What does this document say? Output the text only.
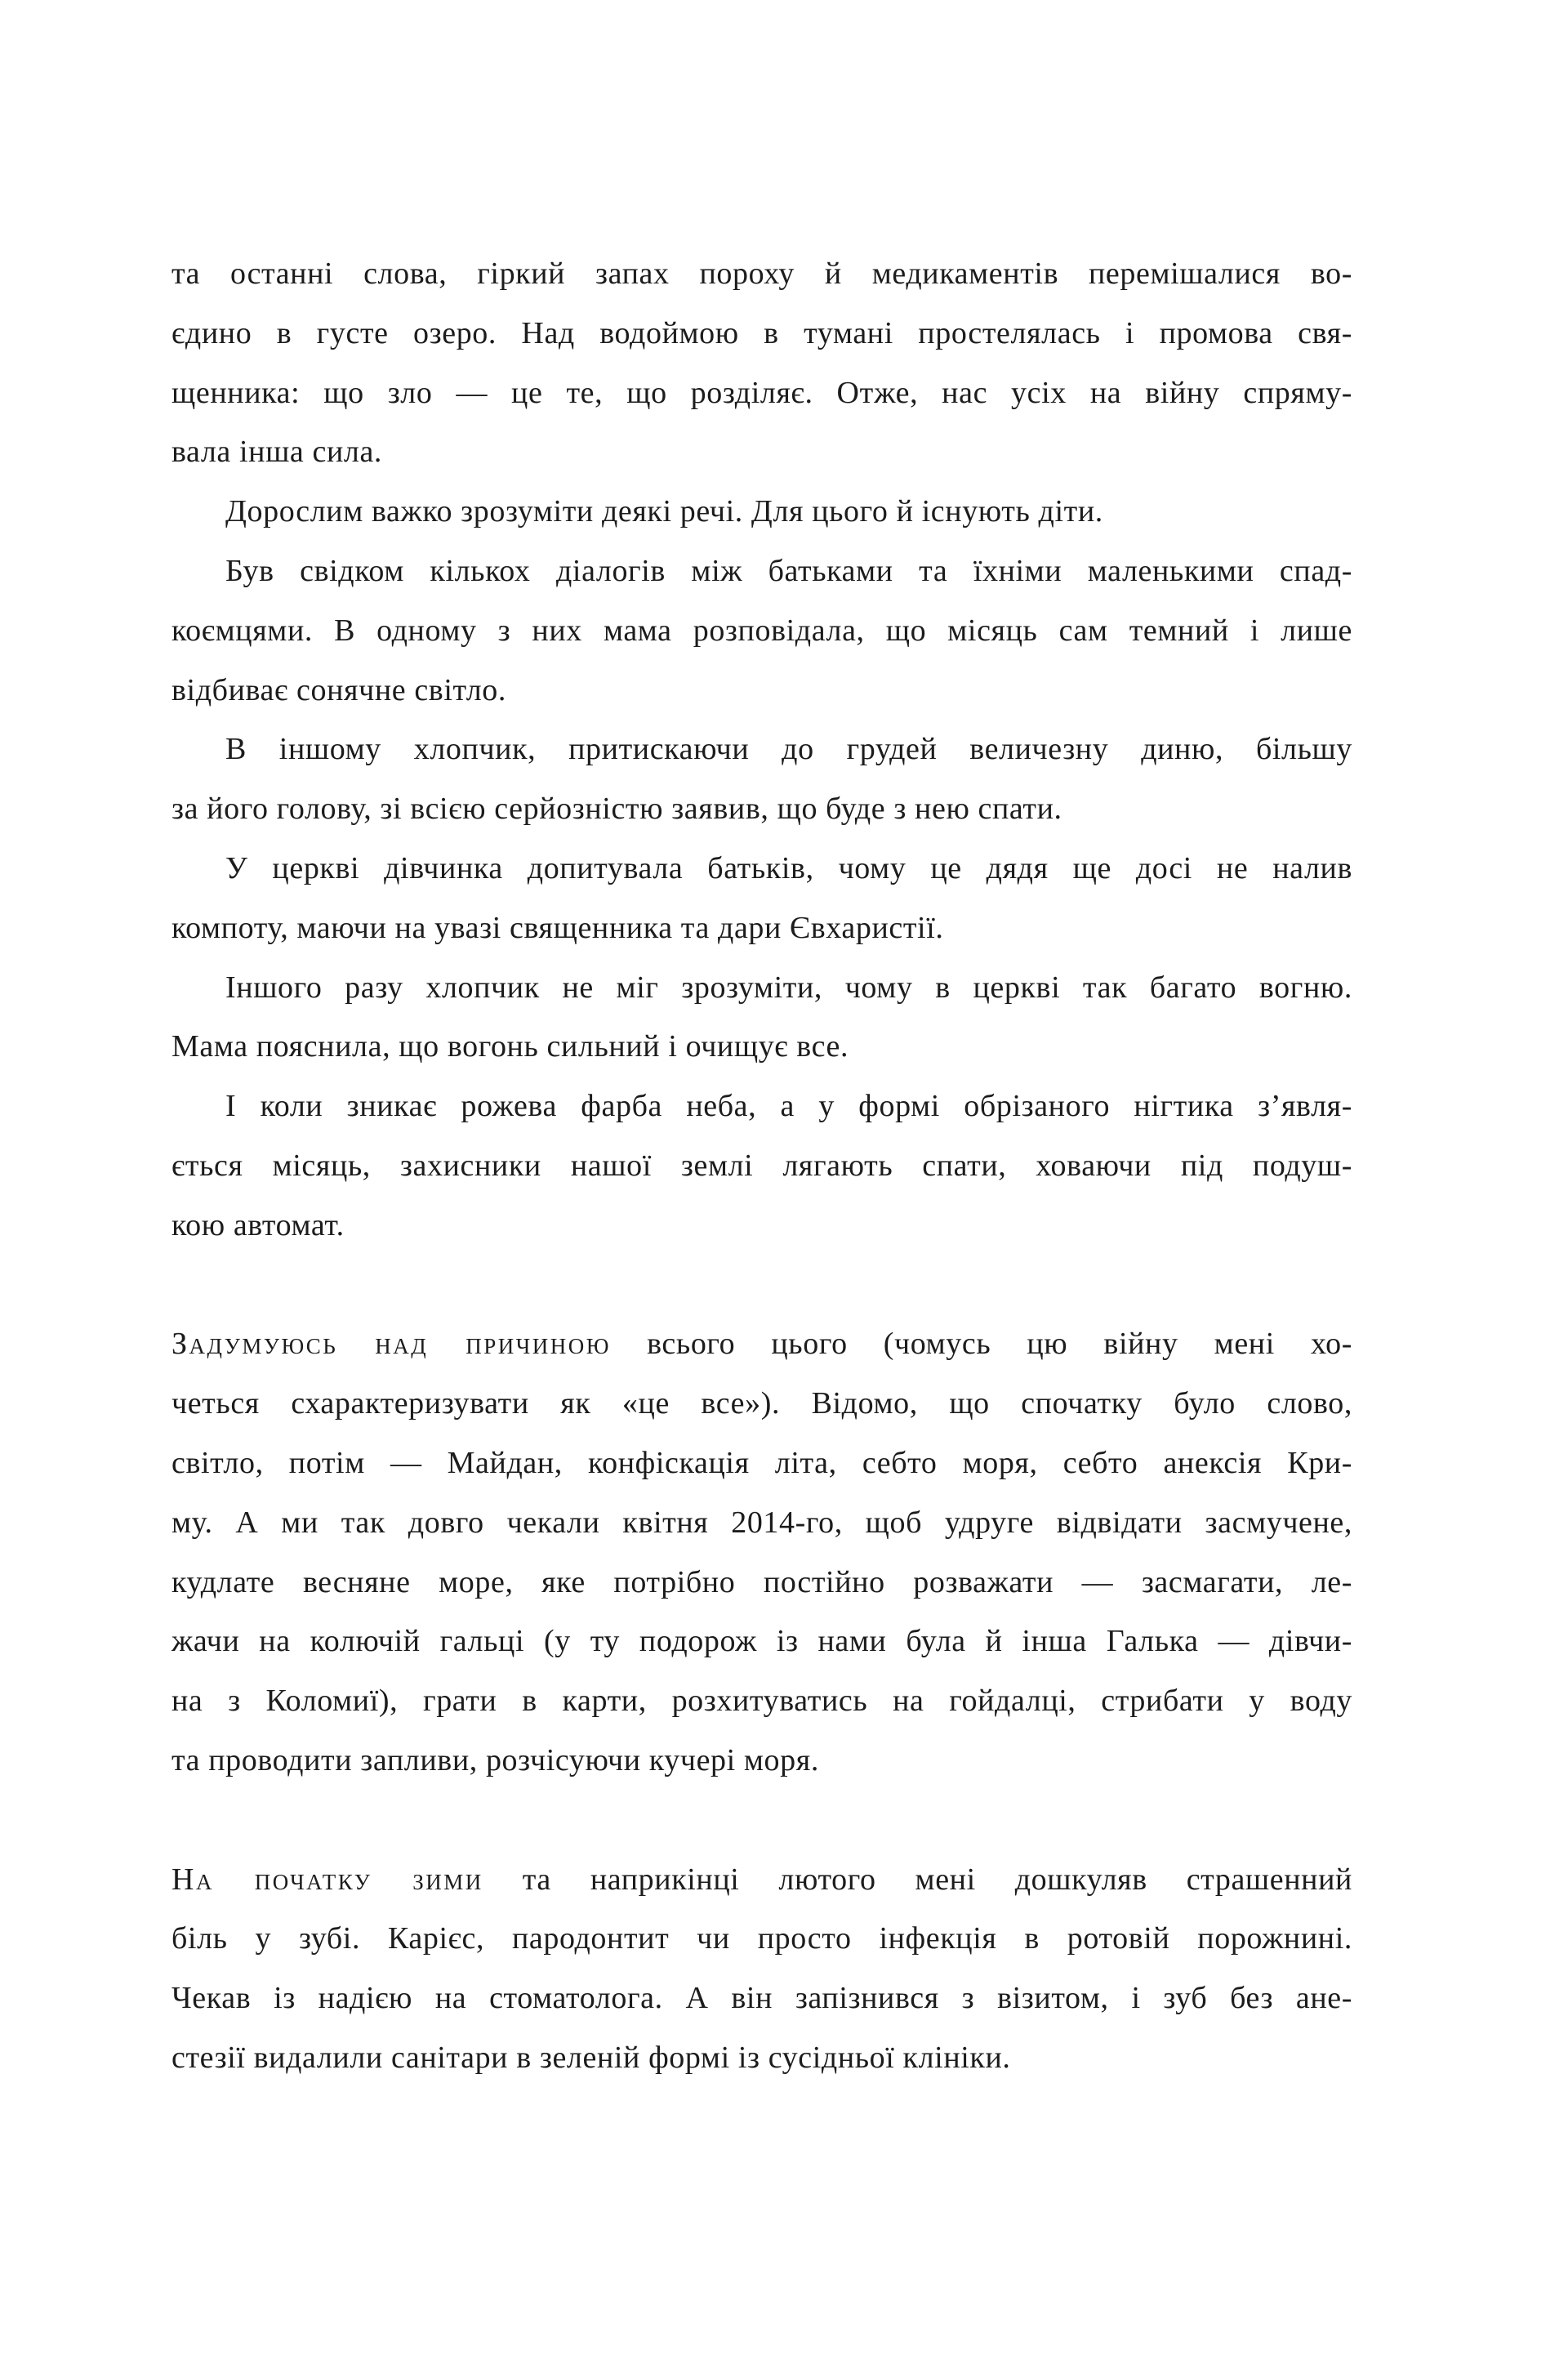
та останні слова, гіркий запах пороху й медикаментів перемішалися во-
єдино в густе озеро. Над водоймою в тумані простелялась і промова свя-
щенника: що зло — це те, що розділяє. Отже, нас усіх на війну спряму-
вала інша сила.
Дорослим важко зрозуміти деякі речі. Для цього й існують діти.
Був свідком кількох діалогів між батьками та їхніми маленькими спад-
коємцями. В одному з них мама розповідала, що місяць сам темний і лише
відбиває сонячне світло.
В іншому хлопчик, притискаючи до грудей величезну диню, більшу
за його голову, зі всією серйозністю заявив, що буде з нею спати.
У церкві дівчинка допитувала батьків, чому це дядя ще досі не налив
компоту, маючи на увазі священника та дари Євхаристії.
Іншого разу хлопчик не міг зрозуміти, чому в церкві так багато вогню.
Мама пояснила, що вогонь сильний і очищує все.
І коли зникає рожева фарба неба, а у формі обрізаного нігтика з’явля-
ється місяць, захисники нашої землі лягають спати, ховаючи під подуш-
кою автомат.
Задумуюсь над причиною всього цього (чомусь цю війну мені хо-
четься схарактеризувати як «це все»). Відомо, що спочатку було слово,
світло, потім — Майдан, конфіскація літа, себто моря, себто анексія Кри-
му. А ми так довго чекали квітня 2014-го, щоб удруге відвідати засмучене,
кудлате весняне море, яке потрібно постійно розважати — засмагати, ле-
жачи на колючій гальці (у ту подорож із нами була й інша Галька — дівчи-
на з Коломиї), грати в карти, розхитуватись на гойдалці, стрибати у воду
та проводити запливи, розчісуючи кучері моря.
На початку зими та наприкінці лютого мені дошкуляв страшенний
біль у зубі. Карієс, пародонтит чи просто інфекція в ротовій порожнині.
Чекав із надією на стоматолога. А він запізнився з візитом, і зуб без ане-
стезії видалили санітари в зеленій формі із сусідньої клініки.
